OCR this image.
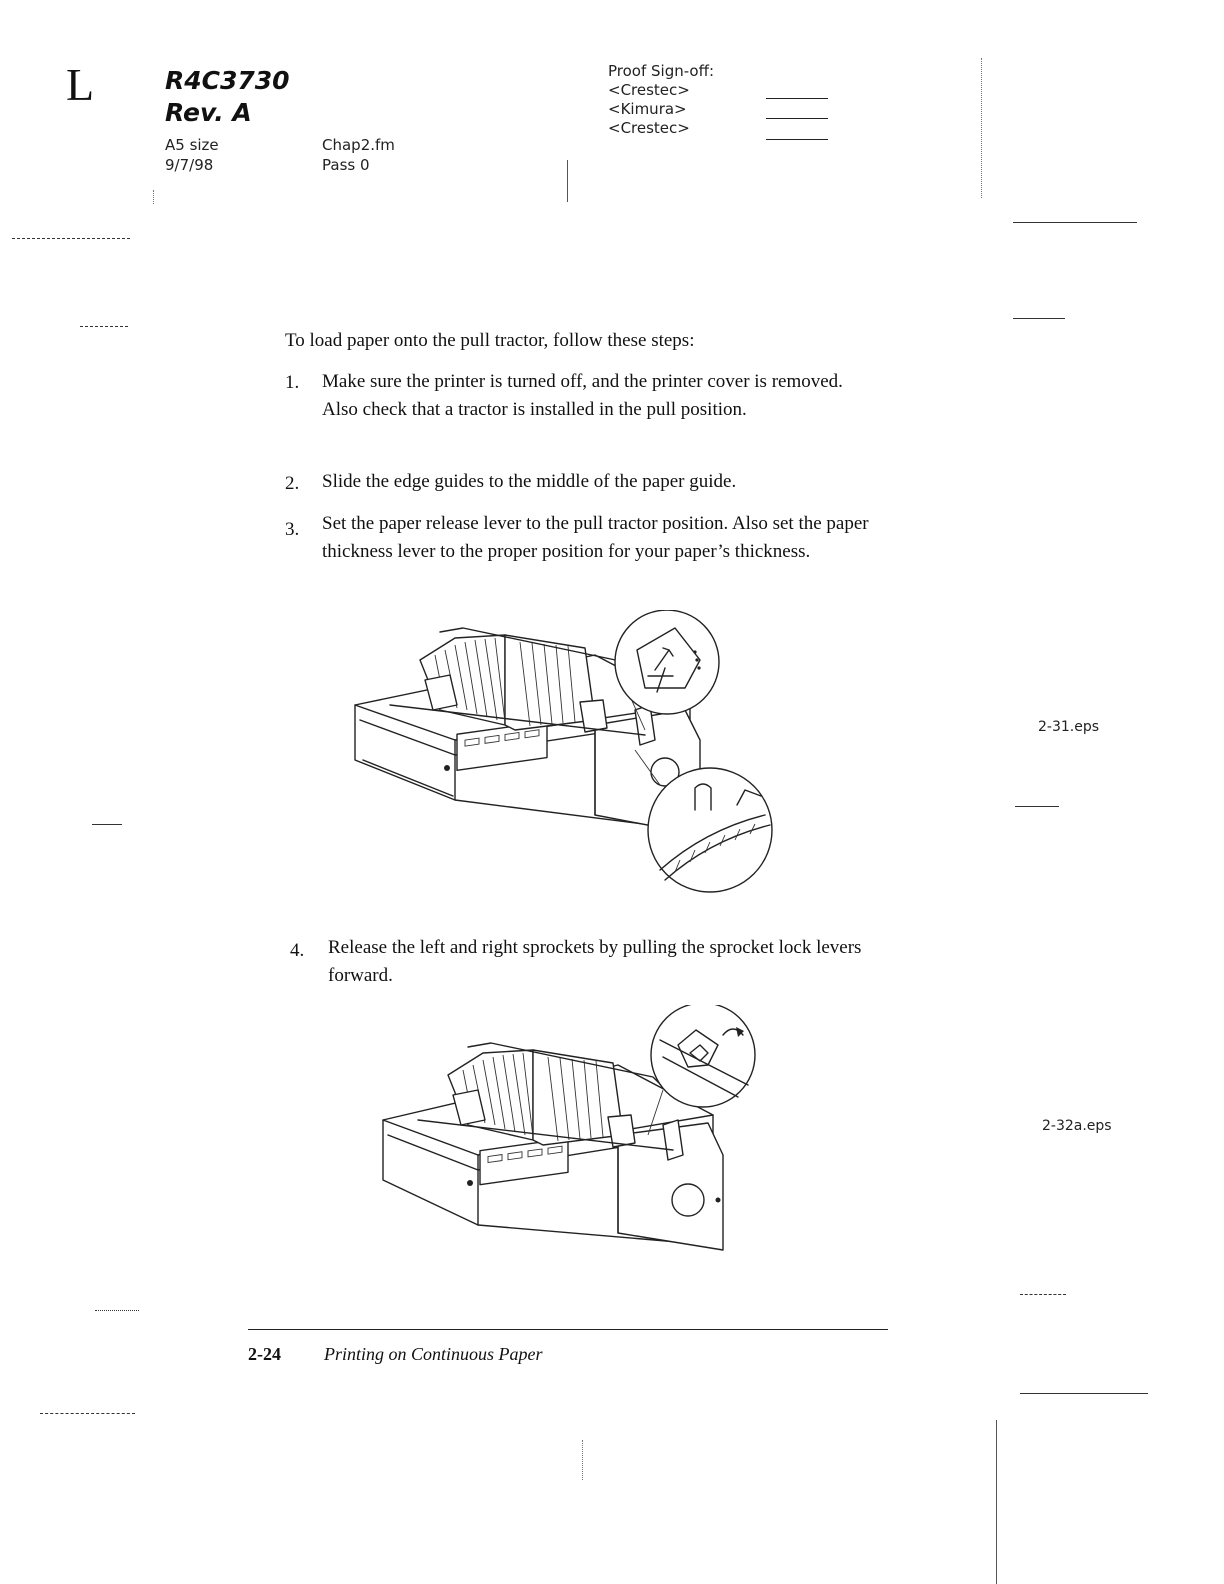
L	R4C3730
Rev. A
A5 size
9/7/98
Chap2.fm
Pass 0
Proof Sign-off:
<Crestec>
<Kimura>
<Crestec>
To load paper onto the pull tractor, follow these steps:
1.	Make sure the printer is turned off, and the printer cover is removed. Also check that a tractor is installed in the pull position.
2.	Slide the edge guides to the middle of the paper guide.
3.	Set the paper release lever to the pull tractor position. Also set the paper thickness lever to the proper position for your paper’s thickness.
4.	Release the left and right sprockets by pulling the sprocket lock levers forward.
2-31.eps
2-32a.eps
2-24 Printing on Continuous Paper
